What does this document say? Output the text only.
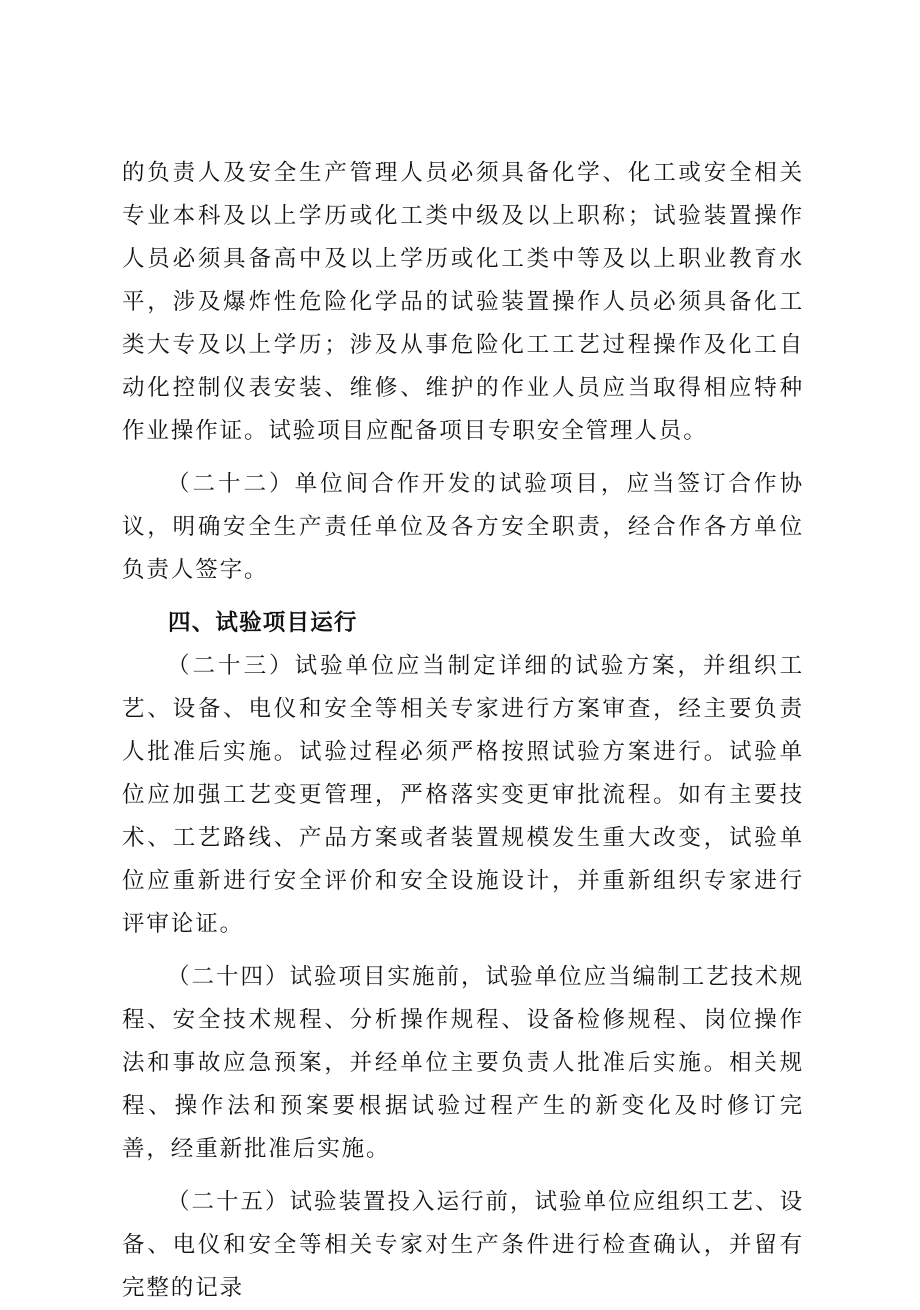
的负责人及安全生产管理人员必须具备化学、化工或安全相关专业本科及以上学历或化工类中级及以上职称；试验装置操作人员必须具备高中及以上学历或化工类中等及以上职业教育水平，涉及爆炸性危险化学品的试验装置操作人员必须具备化工类大专及以上学历；涉及从事危险化工工艺过程操作及化工自动化控制仪表安装、维修、维护的作业人员应当取得相应特种作业操作证。试验项目应配备项目专职安全管理人员。

（二十二）单位间合作开发的试验项目，应当签订合作协议，明确安全生产责任单位及各方安全职责，经合作各方单位负责人签字。

四、试验项目运行

（二十三）试验单位应当制定详细的试验方案，并组织工艺、设备、电仪和安全等相关专家进行方案审查，经主要负责人批准后实施。试验过程必须严格按照试验方案进行。试验单位应加强工艺变更管理，严格落实变更审批流程。如有主要技术、工艺路线、产品方案或者装置规模发生重大改变，试验单位应重新进行安全评价和安全设施设计，并重新组织专家进行评审论证。

（二十四）试验项目实施前，试验单位应当编制工艺技术规程、安全技术规程、分析操作规程、设备检修规程、岗位操作法和事故应急预案，并经单位主要负责人批准后实施。相关规程、操作法和预案要根据试验过程产生的新变化及时修订完善，经重新批准后实施。

（二十五）试验装置投入运行前，试验单位应组织工艺、设备、电仪和安全等相关专家对生产条件进行检查确认，并留有完整的记录
